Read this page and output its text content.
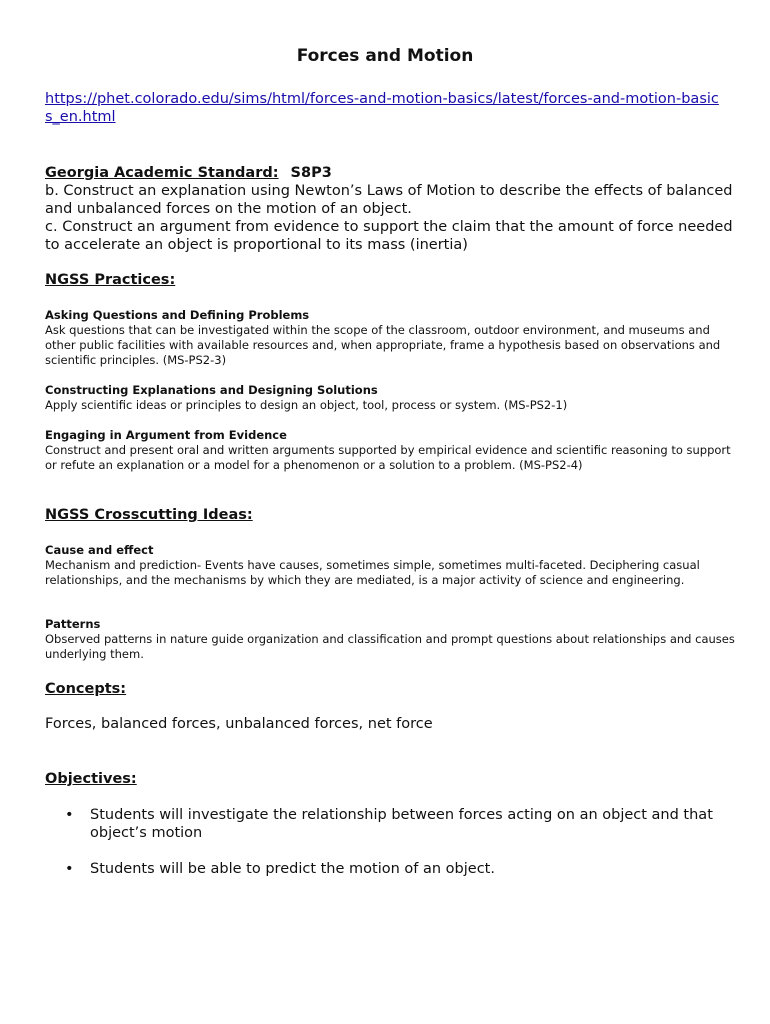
Forces and Motion
https://phet.colorado.edu/sims/html/forces-and-motion-basics/latest/forces-and-motion-basics_en.html
Georgia Academic Standard: S8P3
b. Construct an explanation using Newton’s Laws of Motion to describe the effects of balanced and unbalanced forces on the motion of an object.
c. Construct an argument from evidence to support the claim that the amount of force needed to accelerate an object is proportional to its mass (inertia)
NGSS Practices:
Asking Questions and Defining Problems
Ask questions that can be investigated within the scope of the classroom, outdoor environment, and museums and other public facilities with available resources and, when appropriate, frame a hypothesis based on observations and scientific principles. (MS-PS2-3)
Constructing Explanations and Designing Solutions
Apply scientific ideas or principles to design an object, tool, process or system. (MS-PS2-1)
Engaging in Argument from Evidence
Construct and present oral and written arguments supported by empirical evidence and scientific reasoning to support or refute an explanation or a model for a phenomenon or a solution to a problem. (MS-PS2-4)
NGSS Crosscutting Ideas:
Cause and effect
Mechanism and prediction- Events have causes, sometimes simple, sometimes multi-faceted. Deciphering casual relationships, and the mechanisms by which they are mediated, is a major activity of science and engineering.
Patterns
Observed patterns in nature guide organization and classification and prompt questions about relationships and causes underlying them.
Concepts:
Forces, balanced forces, unbalanced forces, net force
Objectives:
• Students will investigate the relationship between forces acting on an object and that object’s motion
• Students will be able to predict the motion of an object.
